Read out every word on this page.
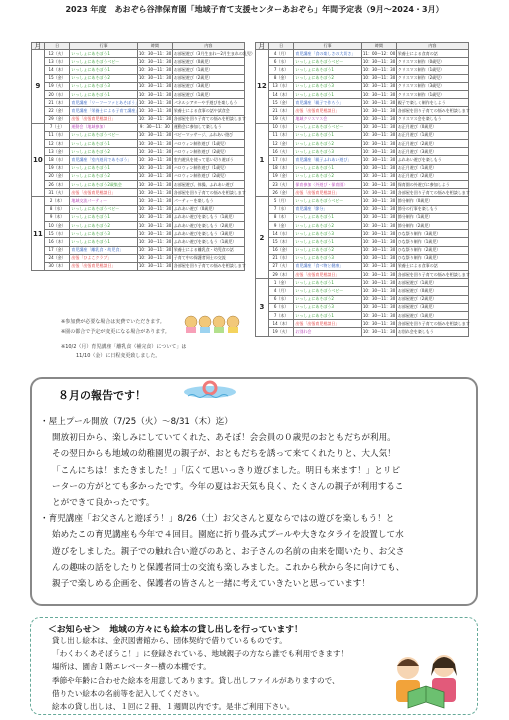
2023 年度　あおぞら谷津保育園「地域子育て支援センターあおぞら」年間予定表（9月〜2024・3月）
月	日	行事	時間	内容
9	12（火）	いっしょにあそぼう1	10：30〜11：30	お部屋遊び（3月生まれ〜2月生まれの乳児）
	13（水）	いっしょにあそぼうベビー	10：30〜11：30	お部屋遊び（0歳児）
	14（木）	いっしょにあそぼう1	10：30〜11：30	お部屋遊び（1歳児）
	15（金）	いっしょにあそぼう2	10：30〜11：30	お部屋遊び（2歳児）
	19（火）	いっしょにあそぼう3	10：30〜11：30	お部屋遊び（3歳児）
	20（水）	いっしょにあそぼう1	10：30〜11：30	お部屋遊び（1歳児）
	21（木）	育児講座「リーフ〜ファとあそぼう」	10：30〜11：30	パネルシアターや手遊びを楽しもう
	22（金）	育児講座「栄養士による子育て講座」	10：30〜11：30	栄養士による食事の話や試食会
	29（金）	出張「出張育児相談日」	10：30〜11：30	各部屋を回り子育ての悩みを相談します
10	7（土）	運動会（地域参加）	9：30〜11：30	運動会に参加して楽しもう
	11（水）	いっしょにあそぼうベビー	10：30〜11：30	ベビーマッサージ、ふれあい遊び
	12（木）	いっしょにあそぼう1	10：30〜11：30	ハロウィン制作遊び（1歳児）
	13（金）	いっしょにあそぼう2	10：30〜11：30	ハロウィン制作遊び（2歳児）
	18（水）	育児講座「室内遊具であそぼう」	10：30〜11：30	室内遊具を使って思い切り遊ぼう
	19（木）	いっしょにあそぼう1	10：30〜11：30	ハロウィン制作遊び（1歳児）
	20（金）	いっしょにあそぼう2	10：30〜11：30	ハロウィン制作遊び（2歳児）
	26（木）	いっしょにあそぼう2歳集会	10：30〜11：30	お部屋遊び、体操、ふれあい遊び
	31（火）	出張「出張育児相談日」	10：30〜11：30	各部屋を回り子育ての悩みを相談します
11	2（木）	地域交流パーティー	10：30〜11：30	パーティーを楽しもう
	8（水）	いっしょにあそぼうベビー	10：30〜11：30	ふれあい遊び（0歳児）
	9（木）	いっしょにあそぼう1	10：30〜11：30	ふれあい遊びを楽しもう（1歳児）
	10（金）	いっしょにあそぼう2	10：30〜11：30	ふれあい遊びを楽しもう（2歳児）
	15（水）	いっしょにあそぼう3	10：30〜11：30	ふれあい遊びを楽しもう（3歳児）
	16（木）	いっしょにあそぼう1	10：30〜11：30	ふれあい遊びを楽しもう（1歳児）
	17（金）	育児講座「離乳食・幼児食」	10：30〜11：30	栄養士による離乳食・幼児食の話
	24（金）	出張「ひよこクラブ」	10：30〜11：30	子育て中の保護者同士の交流
	30（木）	出張「出張育児相談日」	10：30〜11：30	各部屋を回り子育ての悩みを相談します
月	日	行事	時間	内容
12	4（月）	育児講座「食の楽しさの大切さ」	11：00〜12：00	栄養士による食育の話
	6（水）	いっしょにあそぼうベビー	10：30〜11：30	クリスマス制作（0歳児）
	7（木）	いっしょにあそぼう1	10：30〜11：30	クリスマス制作（1歳児）
	8（金）	いっしょにあそぼう2	10：30〜11：30	クリスマス制作（2歳児）
	13（水）	いっしょにあそぼう3	10：30〜11：30	クリスマス制作（3歳児）
	14（木）	いっしょにあそぼう1	10：30〜11：30	クリスマス制作（1歳児）
	15（金）	育児講座「親子で作ろう」	10：30〜11：30	親子で楽しく制作をしよう
	21（木）	出張「出張育児相談日」	10：30〜11：30	各部屋を回り子育ての悩みを相談します
	19（火）	地域クリスマス会	10：30〜11：30	クリスマス会を楽しもう
1	10（水）	いっしょにあそぼうベビー	10：30〜11：30	お正月遊び（0歳児）
	11（木）	いっしょにあそぼう1	10：30〜11：30	お正月遊び（1歳児）
	12（金）	いっしょにあそぼう2	10：30〜11：30	お正月遊び（2歳児）
	16（火）	いっしょにあそぼう3	10：30〜11：30	お正月遊び（3歳児）
	17（水）	育児講座「親子ふれあい遊び」	10：30〜11：30	ふれあい遊びを楽しもう
	18（木）	いっしょにあそぼう1	10：30〜11：30	お正月遊び（1歳児）
	19（金）	いっしょにあそぼう2	10：30〜11：30	お正月遊び（2歳児）
	23（火）	保育参加〈外遊び・保育園〉	10：30〜11：30	保育園の外遊びに参加しよう
	26（金）	出張「出張育児相談日」	10：30〜11：30	各部屋を回り子育ての悩みを相談します
2	5（月）	いっしょにあそぼうベビー	10：30〜11：30	節分制作（0歳児）
	7（水）	育児講座「節分」	10：30〜11：30	節分の行事を楽しもう
	8（木）	いっしょにあそぼう1	10：30〜11：30	節分制作（1歳児）
	9（金）	いっしょにあそぼう2	10：30〜11：30	節分制作（2歳児）
	14（水）	いっしょにあそぼう3	10：30〜11：30	ひな祭り制作（3歳児）
	15（木）	いっしょにあそぼう1	10：30〜11：30	ひな祭り制作（1歳児）
	16（金）	いっしょにあそぼう2	10：30〜11：30	ひな祭り制作（2歳児）
	21（水）	いっしょにあそぼう3	10：30〜11：30	ひな祭り制作（3歳児）
	27（火）	育児講座「食べ物と健康」	10：30〜11：30	栄養士による食事の話
	29（木）	出張「出張育児相談日」	10：30〜11：30	各部屋を回り子育ての悩みを相談します
3	1（金）	いっしょにあそぼう1	10：30〜11：30	お部屋遊び（1歳児）
	4（月）	いっしょにあそぼうベビー	10：30〜11：30	お部屋遊び（0歳児）
	6（水）	いっしょにあそぼう2	10：30〜11：30	お部屋遊び（2歳児）
	6（水）	いっしょにあそぼう3	10：30〜11：30	お部屋遊び（3歳児）
	7（木）	いっしょにあそぼう1	10：30〜11：30	お部屋遊び（1歳児）
	14（木）	出張「出張育児相談日」	10：30〜11：30	各部屋を回り子育ての悩みを相談します
	19（火）	お別れ会	10：30〜11：30	お別れ会を楽しもう
※参加費が必要な場合は実費でいただきます。
※園の都合で予定が変更になる場合があります。
※10/2（月）育児講座「離乳食（補完食）について」は
11/10（金）に日程変更致しました。
８月の報告です！
・屋上プール開放（7/25（火）〜8/31（木）迄）
開放初日から、楽しみにしていてくれた、あそぼ！会会員の０歳児のおともだちが利用。
その翌日からも地域の幼稚園児の親子が、おともだちを誘って来てくれたりと、大人気！
「こんにちは！またきました！」「広くて思いっきり遊びました。明日も来ます！」とリピ
ーターの方がとても多かったです。今年の夏はお天気も良く、たくさんの親子が利用するこ
とができて良かったです。
・育児講座「お父さんと遊ぼう！」8/26（土）お父さんと夏ならではの遊びを楽しもう！と
始めたこの育児講座も今年で４回目。園庭に折り畳み式プールや大きなタライを設置して水
遊びをしました。親子での触れ合い遊びのあと、お子さんの名前の由来を聞いたり、お父さ
んの趣味の話をしたりと保護者同士の交流も楽しみました。これから秋から冬に向けても、
親子で楽しめる企画を、保護者の皆さんと一緒に考えていきたいと思っています！
＜お知らせ＞　地域の方々にも絵本の貸し出しを行っています！
貸し出し絵本は、金沢図書館から、団体契約で借りているものです。
「わくわくあそぼうこ！」に登録されている、地域親子の方なら誰でも利用できます！
場所は、園舎１階エレベーター横の本棚です。
季節や年齢に合わせた絵本を用意してあります。貸し出しファイルがありますので、
借りたい絵本の名前等を記入してください。
絵本の貸し出しは、１回に２冊、１週間以内です。是非ご利用下さい。
